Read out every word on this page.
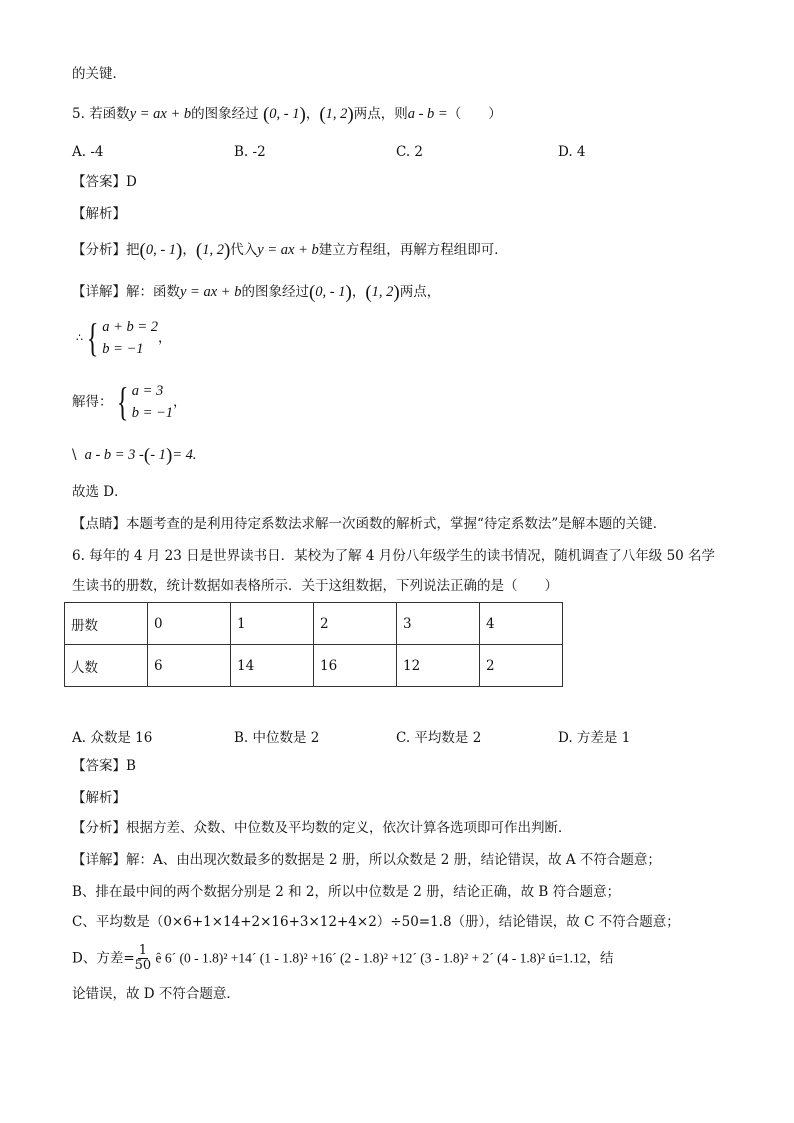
的关键．
5. 若函数y = ax + b的图象经过 (0, - 1)，(1, 2)两点，则a - b =（　　）
A. -4	B. -2	C. 2	D. 4
【答案】D
【解析】
【分析】把(0, - 1)，(1, 2)代入y = ax + b建立方程组，再解方程组即可．
【详解】解：函数y = ax + b的图象经过(0, - 1)，(1, 2)两点，
∴{ a + b = 2
b = −1
，
解得：{ a = 3
b = −1
，
\ a - b = 3 -(- 1)= 4.
故选 D．
【点睛】本题考查的是利用待定系数法求解一次函数的解析式，掌握“待定系数法”是解本题的关键．
6. 每年的 4 月 23 日是世界读书日．某校为了解 4 月份八年级学生的读书情况，随机调查了八年级 50 名学
生读书的册数，统计数据如表格所示．关于这组数据，下列说法正确的是（　　）
册数	0	1	2	3	4
人数	6	14	16	12	2
A. 众数是 16	B. 中位数是 2	C. 平均数是 2	D. 方差是 1
【答案】B
【解析】
【分析】根据方差、众数、中位数及平均数的定义，依次计算各选项即可作出判断．
【详解】解：A、由出现次数最多的数据是 2 册，所以众数是 2 册，结论错误，故 A 不符合题意；
B、排在最中间的两个数据分别是 2 和 2，所以中位数是 2 册，结论正确，故 B 符合题意；
C、平均数是（0×6+1×14+2×16+3×12+4×2）÷50=1.8（册），结论错误，故 C 不符合题意；
D、方差= $\frac{1}{50}$ ê 6´ (0 - 1.8)² +14´ (1 - 1.8)² +16´ (2 - 1.8)² +12´ (3 - 1.8)² + 2´ (4 - 1.8)² ú=1.12，结
论错误，故 D 不符合题意．
